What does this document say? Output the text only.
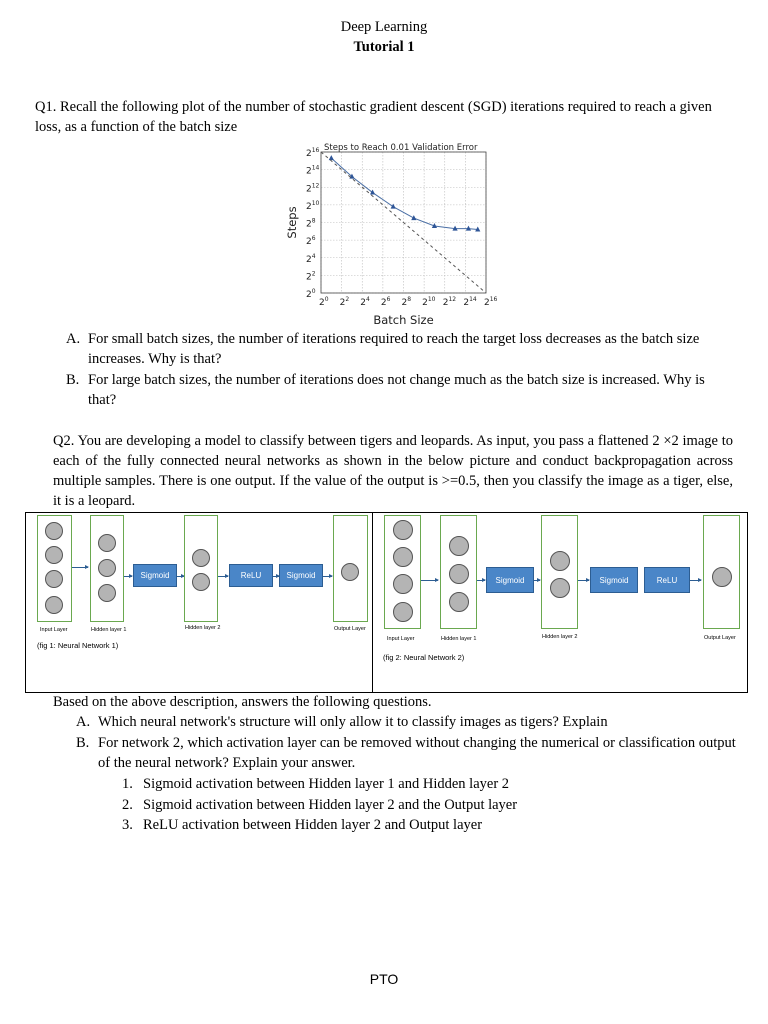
Deep Learning
Tutorial 1
Q1. Recall the following plot of the number of stochastic gradient descent (SGD) iterations required to reach a given loss, as a function of the batch size
$2^0$ $2^2$ $2^4$ $2^6$ $2^8$ $2^{10}$ $2^{12}$ $2^{14}$ $2^{16}$
$2^0$
$2^2$
$2^4$
$2^6$
$2^8$
$2^{10}$
$2^{12}$
$2^{14}$
$2^{16}$ Steps to Reach 0.01 Validation Error
Batch Size
Steps
A. For small batch sizes, the number of iterations required to reach the target loss decreases as the batch size increases. Why is that?
B. For large batch sizes, the number of iterations does not change much as the batch size is increased. Why is that?
Q2. You are developing a model to classify between tigers and leopards. As input, you pass a flattened 2 ×2 image to each of the fully connected neural networks as shown in the below picture and conduct backpropagation across multiple samples. There is one output. If the value of the output is >=0.5, then you classify the image as a tiger, else, it is a leopard.
Sigmoid	ReLU	Sigmoid
Input Layer	Hidden layer 1	Hidden layer 2	Output Layer
(fig 1: Neural Network 1)
Sigmoid	Sigmoid	ReLU
Input Layer	Hidden layer 1	Hidden layer 2	Output Layer
(fig 2: Neural Network 2)
Based on the above description, answers the following questions.
A. Which neural network's structure will only allow it to classify images as tigers? Explain
B. For network 2, which activation layer can be removed without changing the numerical or classification output of the neural network? Explain your answer.
1. Sigmoid activation between Hidden layer 1 and Hidden layer 2
2. Sigmoid activation between Hidden layer 2 and the Output layer
3. ReLU activation between Hidden layer 2 and Output layer
PTO
